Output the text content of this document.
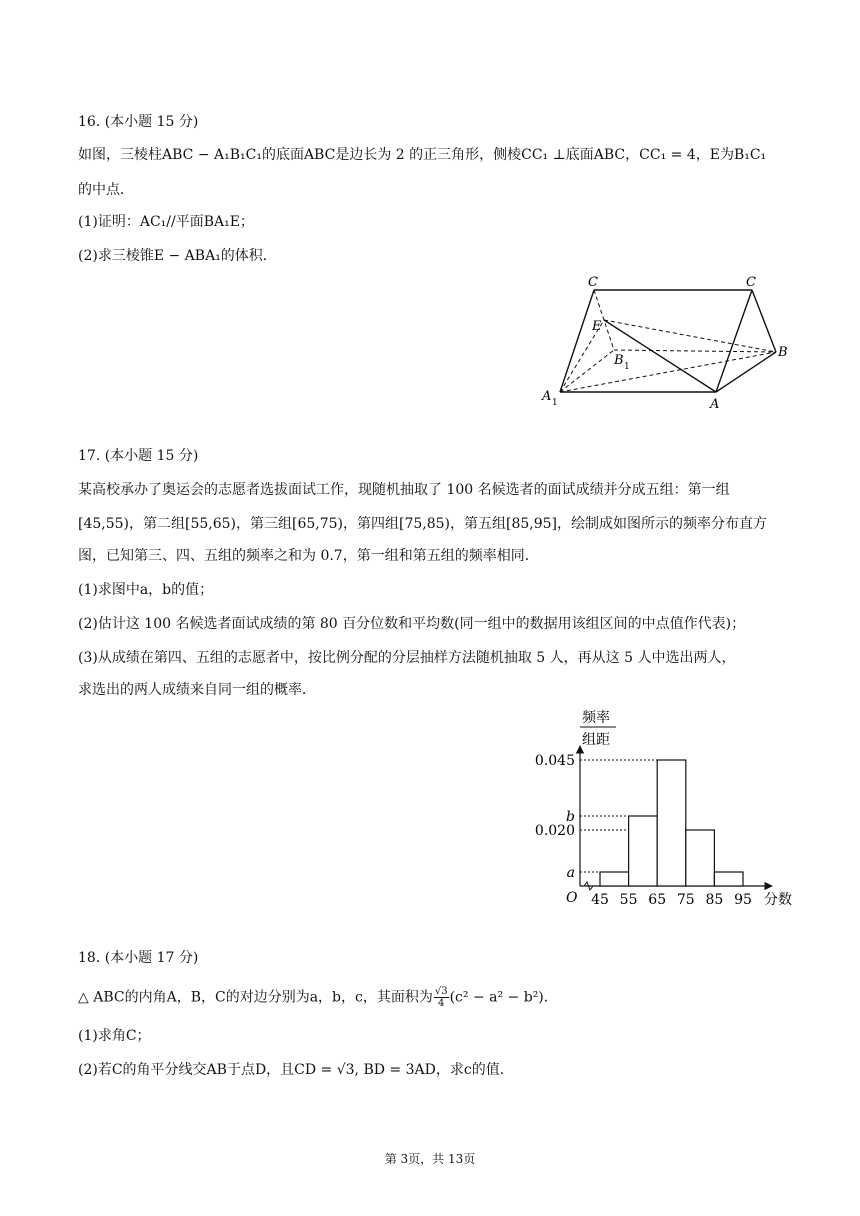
16. (本小题 15 分)
如图，三棱柱ABC − A₁B₁C₁的底面ABC是边长为 2 的正三角形，侧棱CC₁ ⊥底面ABC，CC₁ = 4，E为B₁C₁
的中点．
(1)证明：AC₁//平面BA₁E；
(2)求三棱锥E − ABA₁的体积．
C	C
E
B 1
B
A 1	A
17. (本小题 15 分)
某高校承办了奥运会的志愿者选拔面试工作，现随机抽取了 100 名候选者的面试成绩并分成五组：第一组
[45,55)，第二组[55,65)，第三组[65,75)，第四组[75,85)，第五组[85,95]，绘制成如图所示的频率分布直方
图，已知第三、四、五组的频率之和为 0.7，第一组和第五组的频率相同．
(1)求图中a，b的值；
(2)估计这 100 名候选者面试成绩的第 80 百分位数和平均数(同一组中的数据用该组区间的中点值作代表)；
(3)从成绩在第四、五组的志愿者中，按比例分配的分层抽样方法随机抽取 5 人，再从这 5 人中选出两人，
求选出的两人成绩来自同一组的概率．
频率
组距
O	分数
0.045
b
0.020
a
45 55 65 75 85 95
18. (本小题 17 分)
△ ABC的内角A，B，C的对边分别为a，b，c，其面积为 $\frac{√3}{4} (c^2 - a^2 - b^2)$．
(1)求角C；
(2)若C的角平分线交AB于点D，且CD = √3, BD = 3AD，求c的值．
第 3页，共 13页
